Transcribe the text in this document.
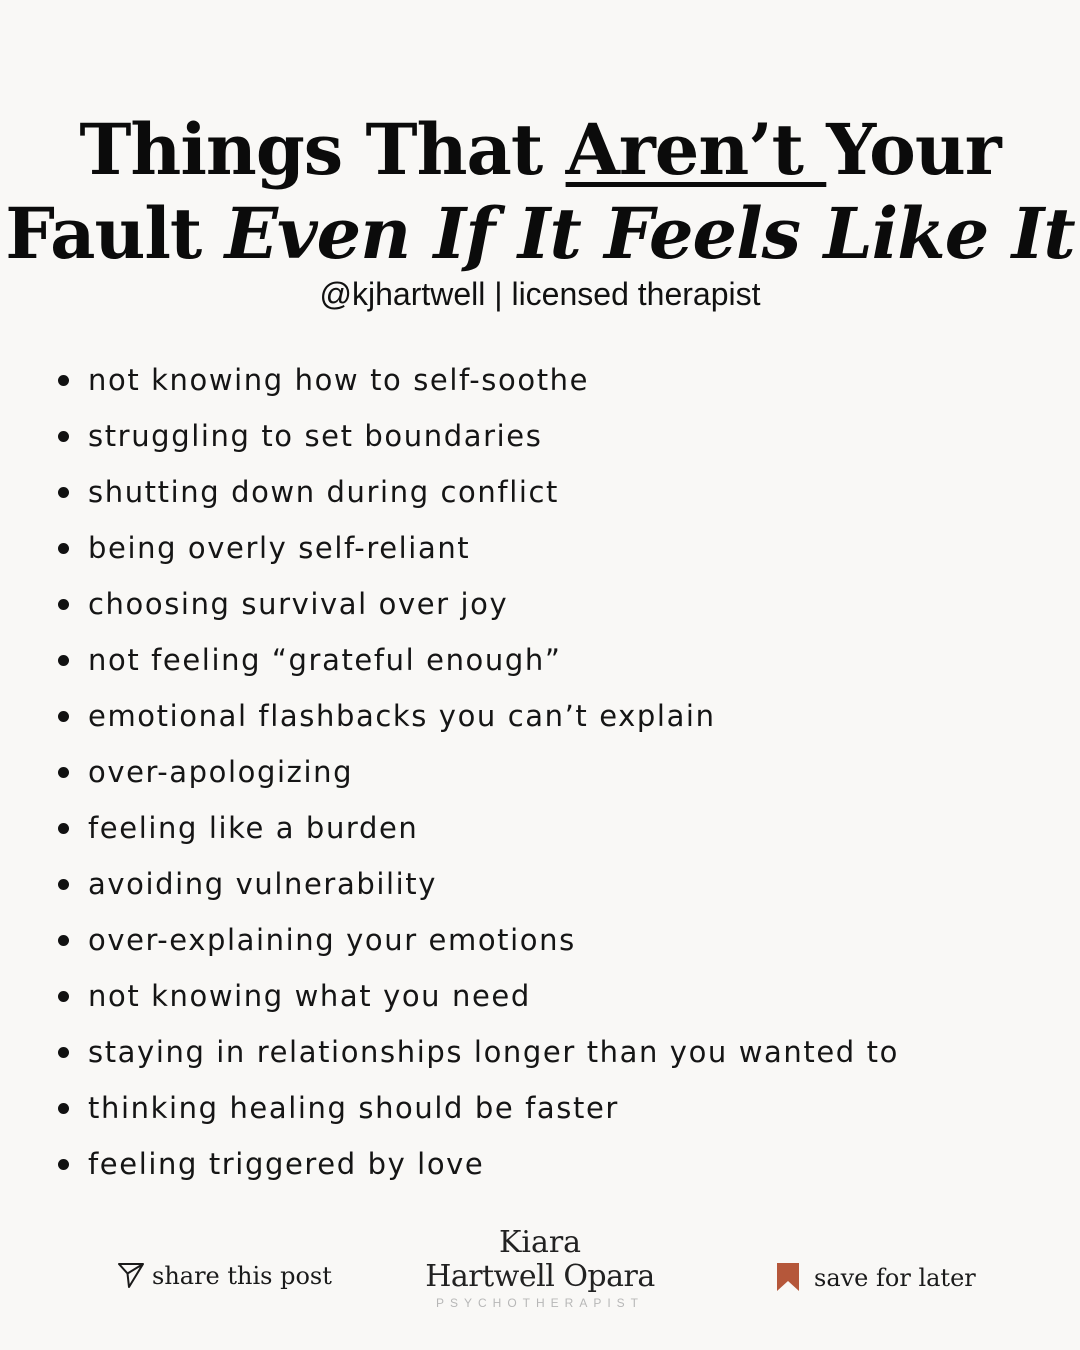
Things That Aren’t Your
Fault Even If It Feels Like It
@kjhartwell | licensed therapist
not knowing how to self-soothe
struggling to set boundaries
shutting down during conflict
being overly self-reliant
choosing survival over joy
not feeling “grateful enough”
emotional flashbacks you can’t explain
over-apologizing
feeling like a burden
avoiding vulnerability
over-explaining your emotions
not knowing what you need
staying in relationships longer than you wanted to
thinking healing should be faster
feeling triggered by love
share this post
Kiara
Hartwell Opara
PSYCHOTHERAPIST
save for later
